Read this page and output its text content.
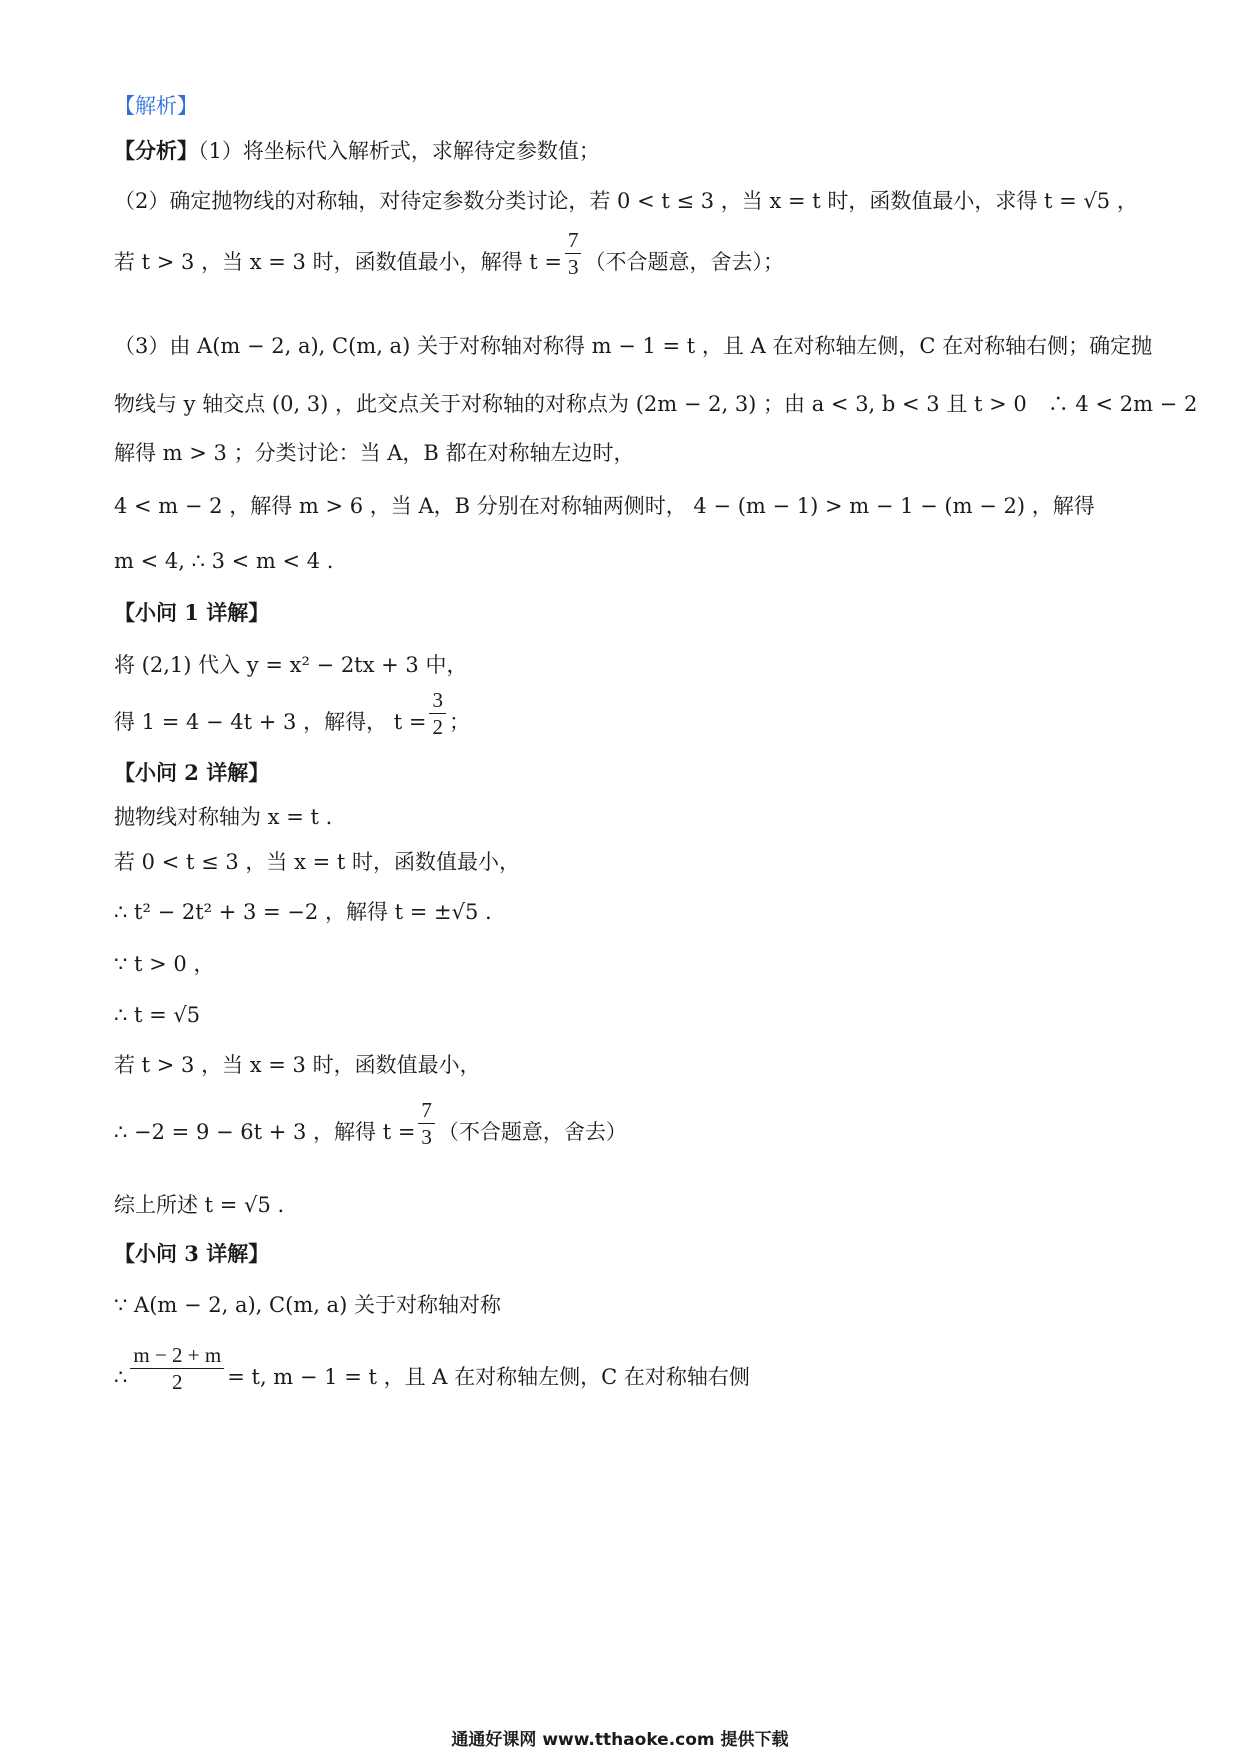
【解析】
【分析】（1）将坐标代入解析式，求解待定参数值；
（2）确定抛物线的对称轴，对待定参数分类讨论，若 0 < t ≤ 3 ，当 x = t 时，函数值最小，求得 t = √5 ，
若 t > 3 ，当 x = 3 时，函数值最小，解得 $t = \frac{7}{3}$ （不合题意，舍去）；
（3）由 A(m − 2, a), C(m, a) 关于对称轴对称得 m − 1 = t ，且 A 在对称轴左侧，C 在对称轴右侧；确定抛
物线与 y 轴交点 (0, 3) ，此交点关于对称轴的对称点为 (2m − 2, 3) ；由 a < 3, b < 3 且 t > 0　∴ 4 < 2m − 2
解得 m > 3 ；分类讨论：当 A，B 都在对称轴左边时，
4 < m − 2 ，解得 m > 6 ，当 A，B 分别在对称轴两侧时， 4 − (m − 1) > m − 1 − (m − 2) ，解得
m < 4, ∴ 3 < m < 4 .
【小问 1 详解】
将 (2,1) 代入 y = x² − 2tx + 3 中，
得 1 = 4 − 4t + 3 ，解得， $t = \frac{3}{2}$ ；
【小问 2 详解】
抛物线对称轴为 x = t .
若 0 < t ≤ 3 ，当 x = t 时，函数值最小，
∴ t² − 2t² + 3 = −2 ，解得 t = ±√5 .
∵ t > 0 ，
∴ t = √5
若 t > 3 ，当 x = 3 时，函数值最小，
∴ −2 = 9 − 6t + 3 ，解得 $t = \frac{7}{3}$ （不合题意，舍去）
综上所述 t = √5 .
【小问 3 详解】
∵ A(m − 2, a), C(m, a) 关于对称轴对称
∴ $\frac{m - 2 + m}{2} = t$, m − 1 = t ，且 A 在对称轴左侧，C 在对称轴右侧
通通好课网 www.tthaoke.com 提供下载
